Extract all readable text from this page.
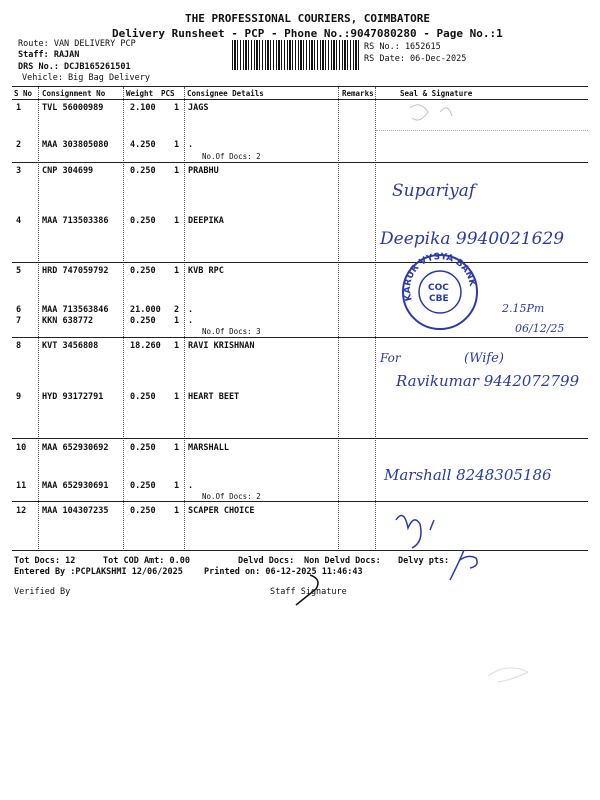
THE PROFESSIONAL COURIERS, COIMBATORE
Delivery Runsheet - PCP - Phone No.:9047080280 - Page No.:1
Route: VAN DELIVERY PCP
Staff: RAJAN
DRS No.: DCJB165261501
Vehicle: Big Bag Delivery
RS No.: 1652615
RS Date: 06-Dec-2025
S No Consignment No	Weight PCS Consignee Details	Remarks	Seal & Signature
1 TVL 56000989	2.100 1 JAGS
2 MAA 303805080	4.250 1 .
No.Of Docs: 2
3 CNP 304699	0.250 1 PRABHU
4 MAA 713503386	0.250 1 DEEPIKA
5 HRD 747059792	0.250 1 KVB RPC
6 MAA 713563846	21.000 2 .
7 KKN 638772	0.250 1 .
No.Of Docs: 3
8 KVT 3456808	18.260 1 RAVI KRISHNAN
9 HYD 93172791	0.250 1 HEART BEET
10 MAA 652930692	0.250 1 MARSHALL
11 MAA 652930691	0.250 1 .
No.Of Docs: 2
12 MAA 104307235	0.250 1 SCAPER CHOICE
Tot Docs: 12	Tot COD Amt: 0.00	Delvd Docs: Non Delvd Docs: Delvy pts:
Entered By :PCPLAKSHMI 12/06/2025 Printed on: 06-12-2025 11:46:43
Verified By	Staff Signature
Supariyaf
Deepika 9940021629
KARUR VYSYA BANK
COC
CBE
2.15Pm
06/12/25
For	(Wife)
Ravikumar 9442072799
Marshall 8248305186
